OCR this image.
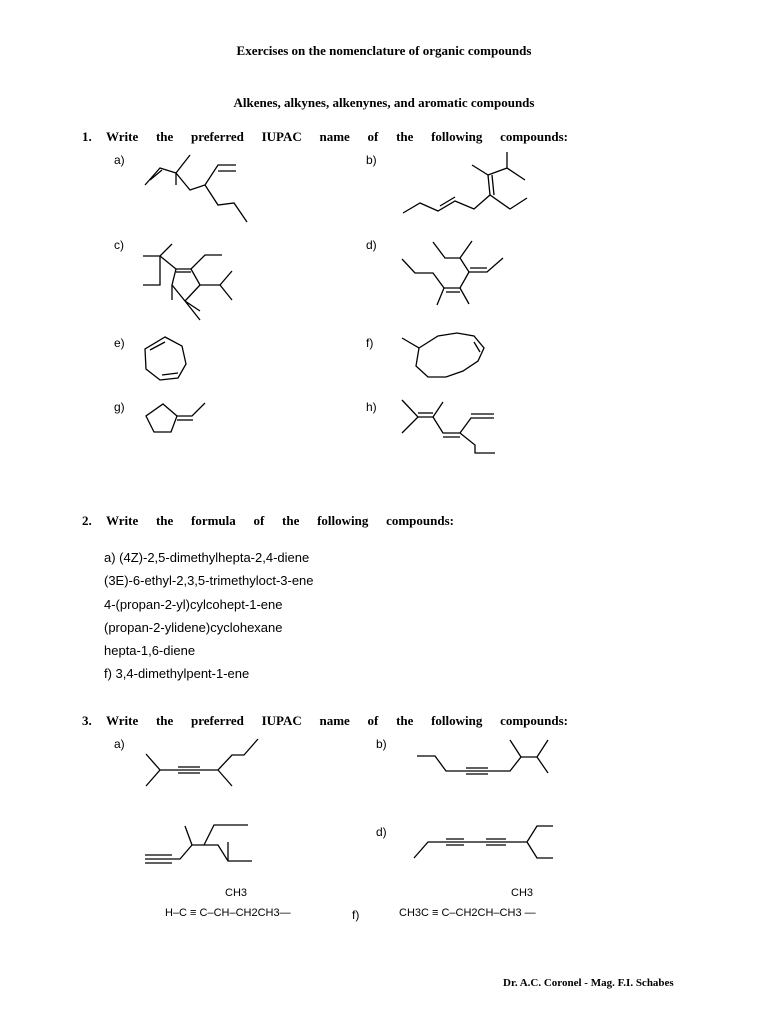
Exercises on the nomenclature of organic compounds
Alkenes, alkynes, alkenynes, and aromatic compounds
1. Write the preferred IUPAC name of the following compounds:
a)	b)
c)	d)
e)	f)
g)	h)
2. Write the formula of the following compounds:
a) (4Z)-2,5-dimethylhepta-2,4-diene
(3E)-6-ethyl-2,3,5-trimethyloct-3-ene
4-(propan-2-yl)cylcohept-1-ene
(propan-2-ylidene)cyclohexane
hepta-1,6-diene
f) 3,4-dimethylpent-1-ene
3. Write the preferred IUPAC name of the following compounds:
a)	b)
d)
f)
CH3
H–C ≡ C–CH–CH2CH3—
CH3
CH3C ≡ C–CH2CH–CH3 —
Dr. A.C. Coronel - Mag. F.I. Schabes
